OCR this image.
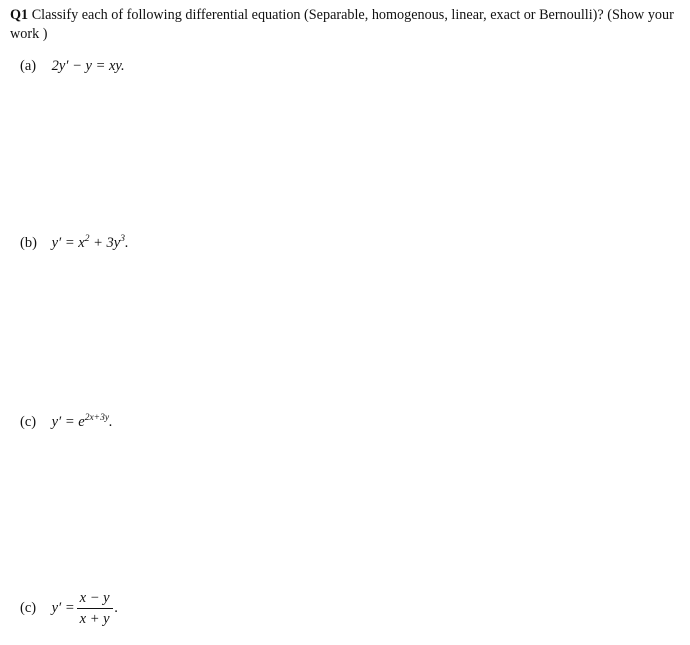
Q1 Classify each of following differential equation (Separable, homogenous, linear, exact or Bernoulli)? (Show your work )
(a) 2y′ − y = xy.
(b) $y' = x^2 + 3y^3$.
(c) $y' = e^{2x+3y}$.
(c) $y' = \frac{x - y}{x + y}$ .
